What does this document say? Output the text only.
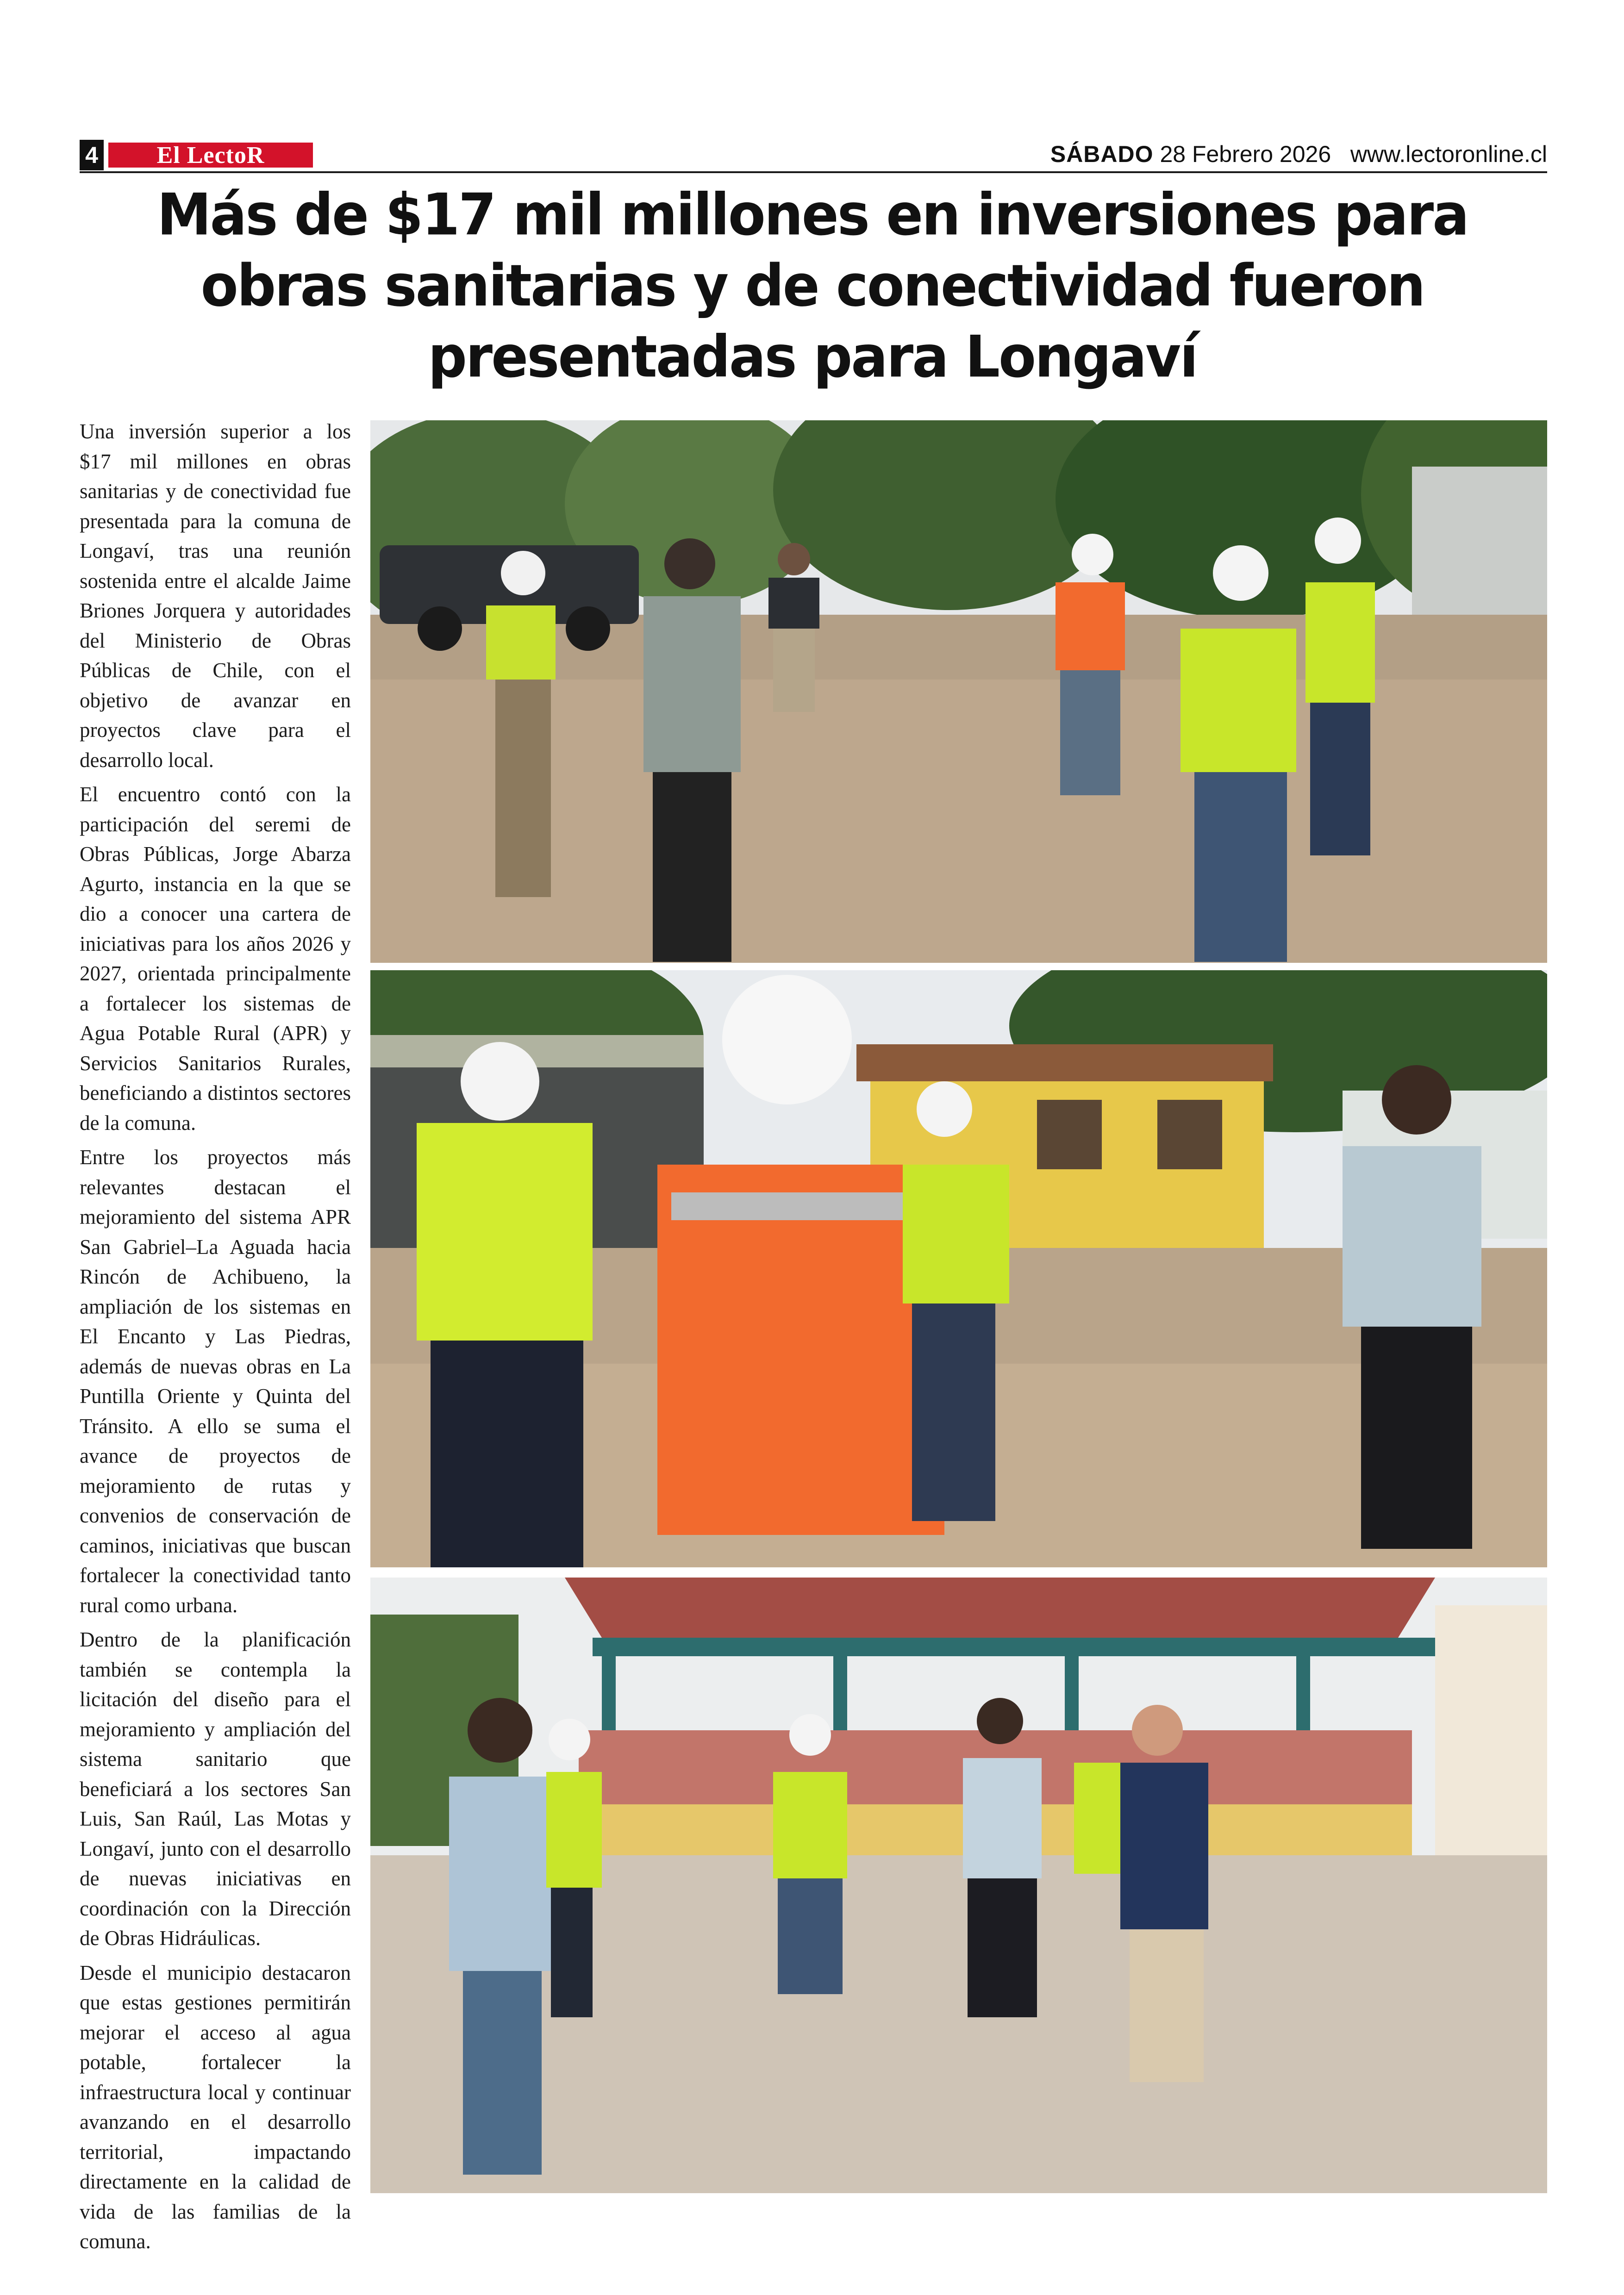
4 El LectoR	SÁBADO 28 Febrero 2026 www.lectoronline.cl
Más de $17 mil millones en inversiones para obras sanitarias y de conectividad fueron presentadas para Longaví

Una inversión superior a los $17 mil millones en obras sanitarias y de conectividad fue presentada para la comuna de Longaví, tras una reunión sostenida entre el alcalde Jaime Briones Jorquera y autoridades del Ministerio de Obras Públicas de Chile, con el objetivo de avanzar en proyectos clave para el desarrollo local.

El encuentro contó con la participación del seremi de Obras Públicas, Jorge Abarza Agurto, instancia en la que se dio a conocer una cartera de iniciativas para los años 2026 y 2027, orientada principalmente a fortalecer los sistemas de Agua Potable Rural (APR) y Servicios Sanitarios Rurales, beneficiando a distintos sectores de la comuna.

Entre los proyectos más relevantes destacan el mejoramiento del sistema APR San Gabriel–La Aguada hacia Rincón de Achibueno, la ampliación de los sistemas en El Encanto y Las Piedras, además de nuevas obras en La Puntilla Oriente y Quinta del Tránsito. A ello se suma el avance de proyectos de mejoramiento de rutas y convenios de conservación de caminos, iniciativas que buscan fortalecer la conectividad tanto rural como urbana.

Dentro de la planificación también se contempla la licitación del diseño para el mejoramiento y ampliación del sistema sanitario que beneficiará a los sectores San Luis, San Raúl, Las Motas y Longaví, junto con el desarrollo de nuevas iniciativas en coordinación con la Dirección de Obras Hidráulicas.

Desde el municipio destacaron que estas gestiones permitirán mejorar el acceso al agua potable, fortalecer la infraestructura local y continuar avanzando en el desarrollo territorial, impactando directamente en la calidad de vida de las familias de la comuna.
